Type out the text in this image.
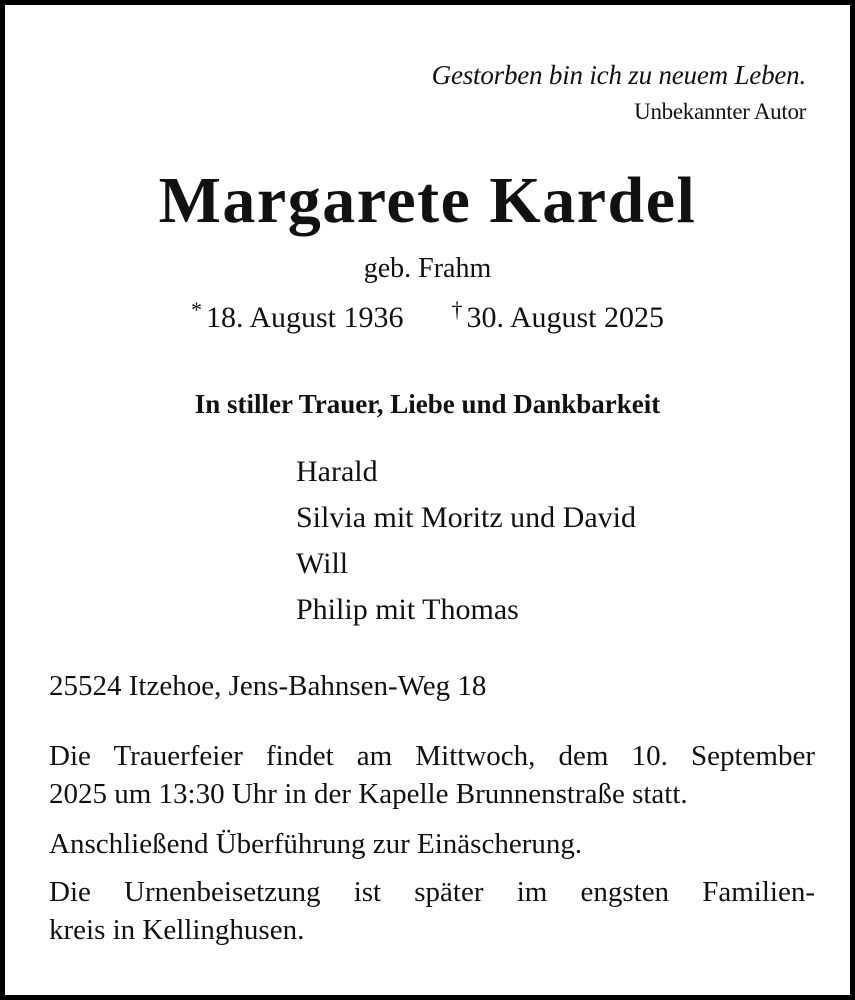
Gestorben bin ich zu neuem Leben.
Unbekannter Autor
Margarete Kardel
geb. Frahm
* 18. August 1936 † 30. August 2025
In stiller Trauer, Liebe und Dankbarkeit
Harald
Silvia mit Moritz und David
Will
Philip mit Thomas
25524 Itzehoe, Jens-Bahnsen-Weg 18
Die Trauerfeier findet am Mittwoch, dem 10. September
2025 um 13:30 Uhr in der Kapelle Brunnenstraße statt.
Anschließend Überführung zur Einäscherung.
Die Urnenbeisetzung ist später im engsten Familien-
kreis in Kellinghusen.
